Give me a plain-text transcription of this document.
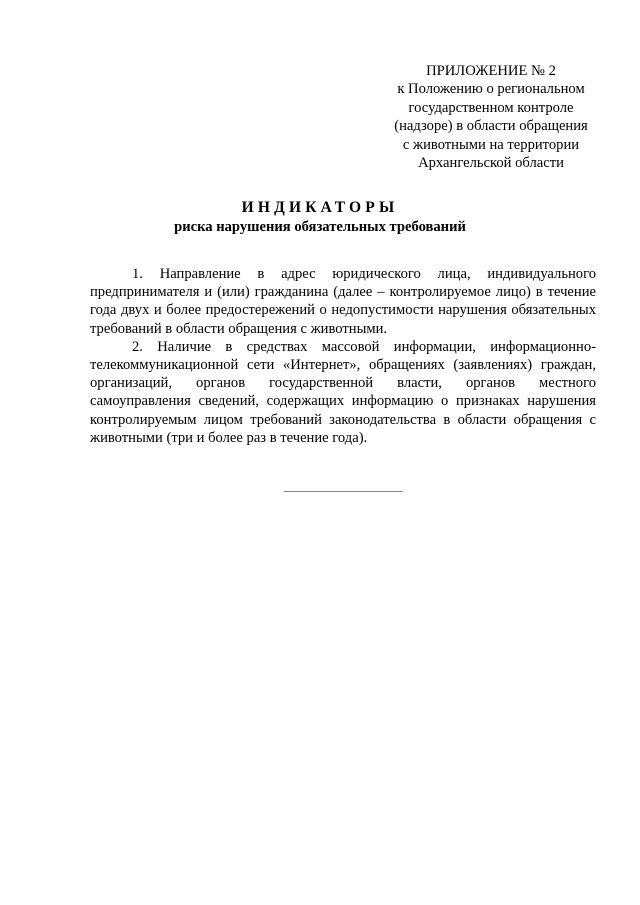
ПРИЛОЖЕНИЕ № 2
к Положению о региональном
государственном контроле
(надзоре) в области обращения
с животными на территории
Архангельской области
ИНДИКАТОРЫ
риска нарушения обязательных требований

1. Направление в адрес юридического лица, индивидуального предпринимателя и (или) гражданина (далее – контролируемое лицо) в течение года двух и более предостережений о недопустимости нарушения обязательных требований в области обращения с животными.

2. Наличие в средствах массовой информации, информационно-телекоммуникационной сети «Интернет», обращениях (заявлениях) граждан, организаций, органов государственной власти, органов местного самоуправления сведений, содержащих информацию о признаках нарушения контролируемым лицом требований законодательства в области обращения с животными (три и более раз в течение года).
